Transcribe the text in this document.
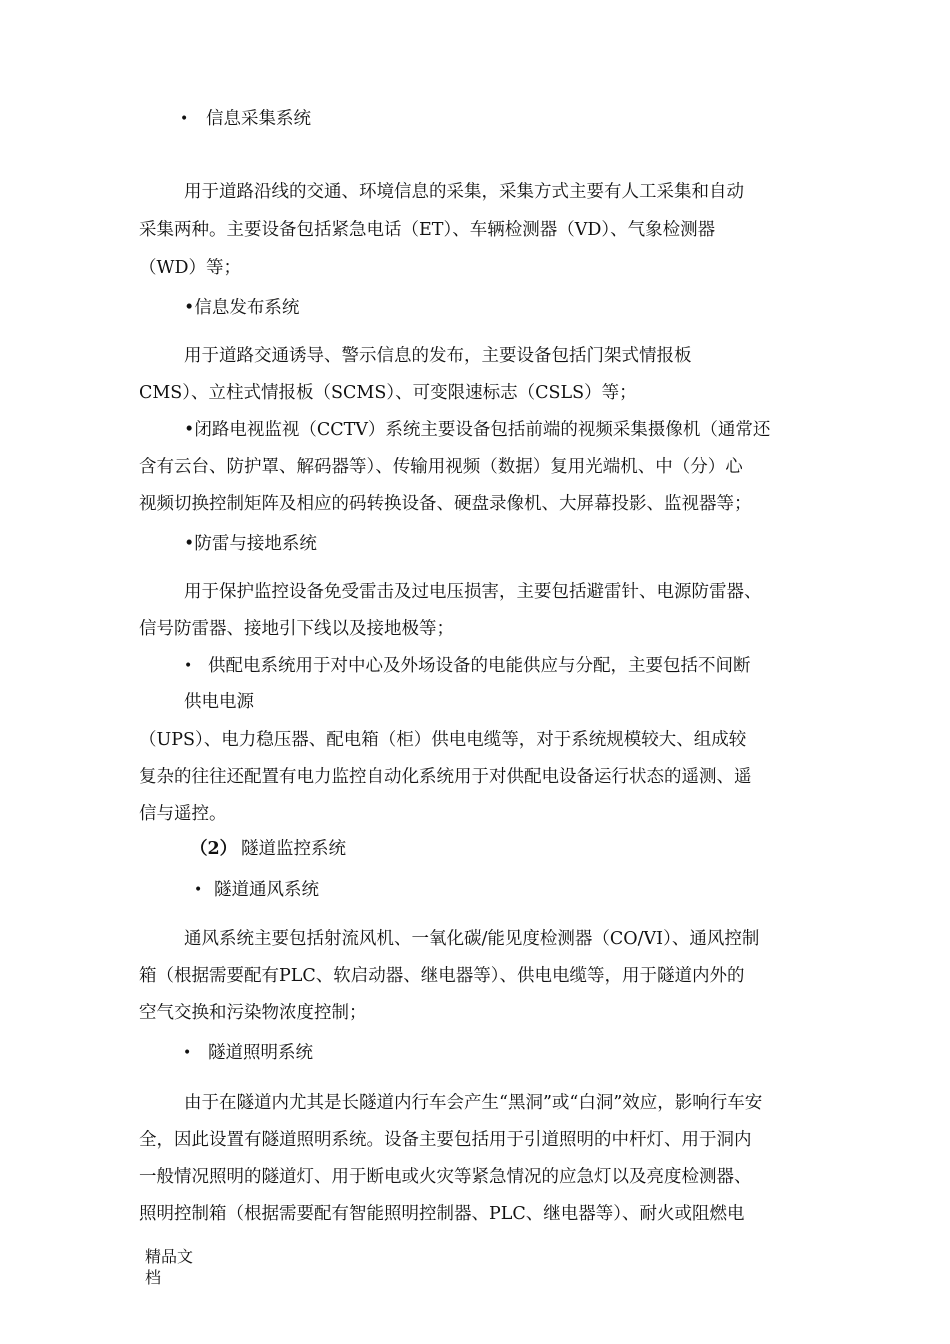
• 信息采集系统
用于道路沿线的交通、环境信息的采集，采集方式主要有人工采集和自动
采集两种。主要设备包括紧急电话（ET）、车辆检测器（VD）、气象检测器
（WD）等；
•信息发布系统
用于道路交通诱导、警示信息的发布，主要设备包括门架式情报板
CMS）、立柱式情报板（SCMS）、可变限速标志（CSLS）等；
•闭路电视监视（CCTV）系统主要设备包括前端的视频采集摄像机（通常还
含有云台、防护罩、解码器等）、传输用视频（数据）复用光端机、中（分）心
视频切换控制矩阵及相应的码转换设备、硬盘录像机、大屏幕投影、监视器等；
•防雷与接地系统
用于保护监控设备免受雷击及过电压损害，主要包括避雷针、电源防雷器、
信号防雷器、接地引下线以及接地极等；
• 供配电系统用于对中心及外场设备的电能供应与分配，主要包括不间断
供电电源
（UPS）、电力稳压器、配电箱（柜）供电电缆等，对于系统规模较大、组成较
复杂的往往还配置有电力监控自动化系统用于对供配电设备运行状态的遥测、遥
信与遥控。
（2） 隧道监控系统
• 隧道通风系统
通风系统主要包括射流风机、一氧化碳/能见度检测器（CO/VI）、通风控制
箱（根据需要配有PLC、软启动器、继电器等）、供电电缆等，用于隧道内外的
空气交换和污染物浓度控制；
• 隧道照明系统
由于在隧道内尤其是长隧道内行车会产生“黑洞”或“白洞”效应，影响行车安
全，因此设置有隧道照明系统。设备主要包括用于引道照明的中杆灯、用于洞内
一般情况照明的隧道灯、用于断电或火灾等紧急情况的应急灯以及亮度检测器、
照明控制箱（根据需要配有智能照明控制器、PLC、继电器等）、耐火或阻燃电
精品文
档
